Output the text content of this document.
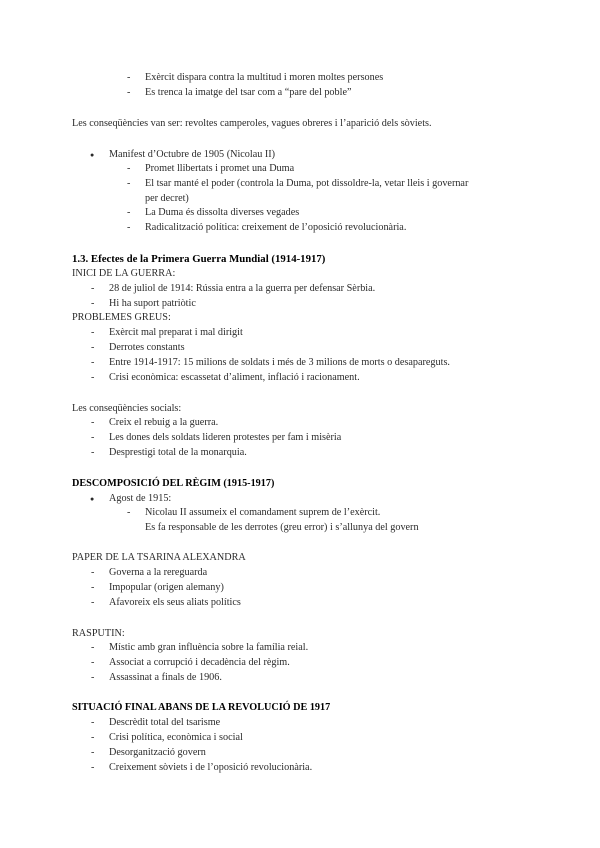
- Exèrcit dispara contra la multitud i moren moltes persones
- Es trenca la imatge del tsar com a “pare del poble”
Les conseqüències van ser: revoltes camperoles, vagues obreres i l’aparició dels sòviets.
● Manifest d’Octubre de 1905 (Nicolau II)
- Promet llibertats i promet una Duma
- El tsar manté el poder (controla la Duma, pot dissoldre-la, vetar lleis i governar
per decret)
- La Duma és dissolta diverses vegades
- Radicalització política: creixement de l’oposició revolucionària.
1.3. Efectes de la Primera Guerra Mundial (1914-1917)
INICI DE LA GUERRA:
- 28 de juliol de 1914: Rússia entra a la guerra per defensar Sèrbia.
- Hi ha suport patriòtic
PROBLEMES GREUS:
- Exèrcit mal preparat i mal dirigit
- Derrotes constants
- Entre 1914-1917: 15 milions de soldats i més de 3 milions de morts o desapareguts.
- Crisi econòmica: escassetat d’aliment, inflació i racionament.
Les conseqüències socials:
- Creix el rebuig a la guerra.
- Les dones dels soldats lideren protestes per fam i misèria
- Desprestigi total de la monarquia.
DESCOMPOSICIÓ DEL RÈGIM (1915-1917)
● Agost de 1915:
- Nicolau II assumeix el comandament suprem de l’exèrcit.
Es fa responsable de les derrotes (greu error) i s’allunya del govern
PAPER DE LA TSARINA ALEXANDRA
- Governa a la rereguarda
- Impopular (origen alemany)
- Afavoreix els seus aliats polítics
RASPUTIN:
- Místic amb gran influència sobre la família reial.
- Associat a corrupció i decadència del règim.
- Assassinat a finals de 1906.
SITUACIÓ FINAL ABANS DE LA REVOLUCIÓ DE 1917
- Descrèdit total del tsarisme
- Crisi política, econòmica i social
- Desorganització govern
- Creixement sòviets i de l’oposició revolucionària.
